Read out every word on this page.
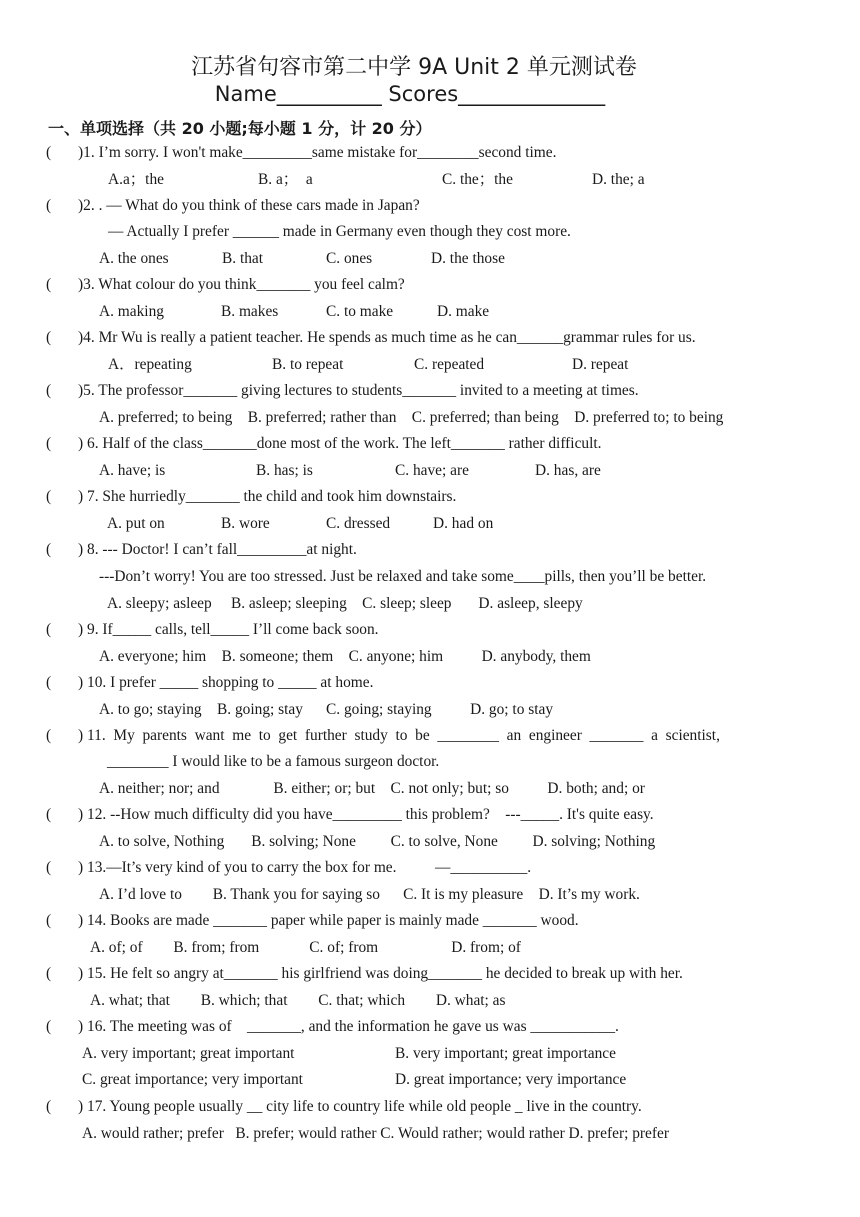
江苏省句容市第二中学 9A Unit 2 单元测试卷
Name__________ Scores______________
一、单项选择（共 20 小题;每小题 1 分，计 20 分）
(       )1. I’m sorry. I won't make_________same mistake for________second time.
A.a；the	B. a；  a	C. the；the	D. the; a
(       )2. . — What do you think of these cars made in Japan?
— Actually I prefer ______ made in Germany even though they cost more.
A. the ones	B. that	C. ones	D. the those
(       )3. What colour do you think_______ you feel calm?
A. making	B. makes	C. to make	D. make
(       )4. Mr Wu is really a patient teacher. He spends as much time as he can______grammar rules for us.
A．repeating	B. to repeat	C. repeated	D. repeat
(       )5. The professor_______ giving lectures to students_______ invited to a meeting at times.
A. preferred; to being    B. preferred; rather than    C. preferred; than being    D. preferred to; to being
(       ) 6. Half of the class_______done most of the work. The left_______ rather difficult.
A. have; is	B. has; is	C. have; are	D. has, are
(       ) 7. She hurriedly_______ the child and took him downstairs.
A. put on	B. wore	C. dressed	D. had on
(       ) 8. --- Doctor! I can’t fall_________at night.
---Don’t worry! You are too stressed. Just be relaxed and take some____pills, then you’ll be better.
A. sleepy; asleep     B. asleep; sleeping    C. sleep; sleep       D. asleep, sleepy
(       ) 9. If_____ calls, tell_____ I’ll come back soon.
A. everyone; him    B. someone; them    C. anyone; him          D. anybody, them
(       ) 10. I prefer _____ shopping to _____ at home.
A. to go; staying    B. going; stay      C. going; staying          D. go; to stay
(       ) 11.  My  parents  want  me  to  get  further  study  to  be  ________  an  engineer  _______  a  scientist,
________ I would like to be a famous surgeon doctor.
A. neither; nor; and              B. either; or; but    C. not only; but; so          D. both; and; or
(       ) 12. --How much difficulty did you have_________ this problem?    ---_____. It's quite easy.
A. to solve, Nothing       B. solving; None         C. to solve, None         D. solving; Nothing
(       ) 13.—It’s very kind of you to carry the box for me.          —__________.
A. I’d love to        B. Thank you for saying so      C. It is my pleasure    D. It’s my work.
(       ) 14. Books are made _______ paper while paper is mainly made _______ wood.
A. of; of        B. from; from             C. of; from                   D. from; of
(       ) 15. He felt so angry at_______ his girlfriend was doing_______ he decided to break up with her.
A. what; that        B. which; that        C. that; which        D. what; as
(       ) 16. The meeting was of    _______, and the information he gave us was ___________.
A. very important; great important	B. very important; great importance
C. great importance; very important	D. great importance; very importance
(       ) 17. Young people usually __ city life to country life while old people _ live in the country.
A. would rather; prefer   B. prefer; would rather C. Would rather; would rather D. prefer; prefer
